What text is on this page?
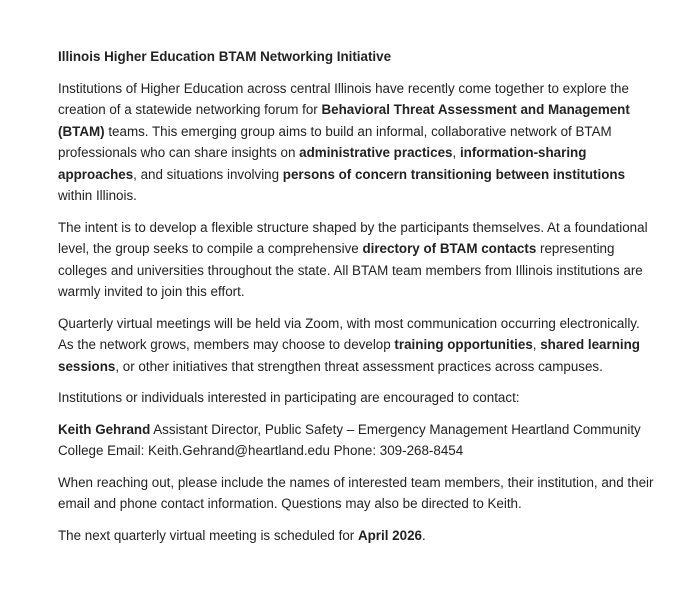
Illinois Higher Education BTAM Networking Initiative

Institutions of Higher Education across central Illinois have recently come together to explore the creation of a statewide networking forum for Behavioral Threat Assessment and Management (BTAM) teams. This emerging group aims to build an informal, collaborative network of BTAM professionals who can share insights on administrative practices, information-sharing approaches, and situations involving persons of concern transitioning between institutions within Illinois.

The intent is to develop a flexible structure shaped by the participants themselves. At a foundational level, the group seeks to compile a comprehensive directory of BTAM contacts representing colleges and universities throughout the state. All BTAM team members from Illinois institutions are warmly invited to join this effort.

Quarterly virtual meetings will be held via Zoom, with most communication occurring electronically. As the network grows, members may choose to develop training opportunities, shared learning sessions, or other initiatives that strengthen threat assessment practices across campuses.

Institutions or individuals interested in participating are encouraged to contact:

Keith Gehrand Assistant Director, Public Safety – Emergency Management Heartland Community College Email: Keith.Gehrand@heartland.edu Phone: 309-268-8454

When reaching out, please include the names of interested team members, their institution, and their email and phone contact information. Questions may also be directed to Keith.

The next quarterly virtual meeting is scheduled for April 2026.
